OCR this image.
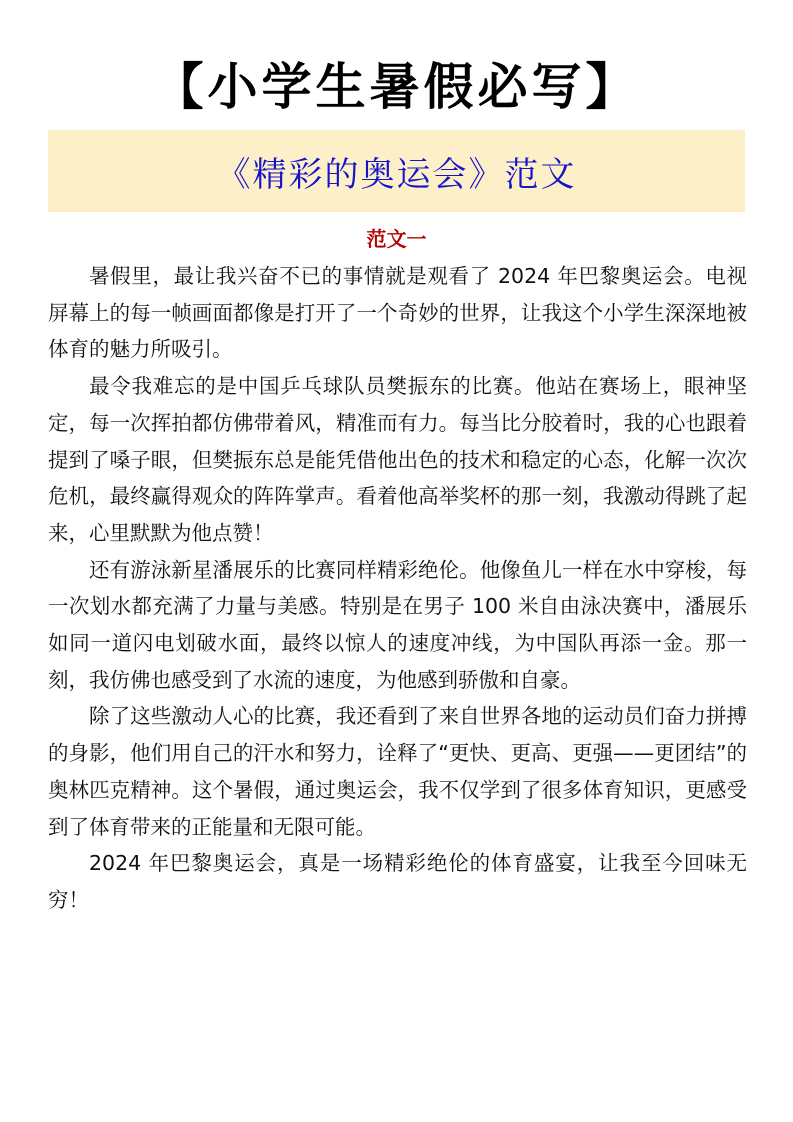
【小学生暑假必写】
《精彩的奥运会》范文
范文一

暑假里，最让我兴奋不已的事情就是观看了 2024 年巴黎奥运会。电视屏幕上的每一帧画面都像是打开了一个奇妙的世界，让我这个小学生深深地被体育的魅力所吸引。

最令我难忘的是中国乒乓球队员樊振东的比赛。他站在赛场上，眼神坚定，每一次挥拍都仿佛带着风，精准而有力。每当比分胶着时，我的心也跟着提到了嗓子眼，但樊振东总是能凭借他出色的技术和稳定的心态，化解一次次危机，最终赢得观众的阵阵掌声。看着他高举奖杯的那一刻，我激动得跳了起来，心里默默为他点赞！

还有游泳新星潘展乐的比赛同样精彩绝伦。他像鱼儿一样在水中穿梭，每一次划水都充满了力量与美感。特别是在男子 100 米自由泳决赛中，潘展乐如同一道闪电划破水面，最终以惊人的速度冲线，为中国队再添一金。那一刻，我仿佛也感受到了水流的速度，为他感到骄傲和自豪。

除了这些激动人心的比赛，我还看到了来自世界各地的运动员们奋力拼搏的身影，他们用自己的汗水和努力，诠释了“更快、更高、更强——更团结”的奥林匹克精神。这个暑假，通过奥运会，我不仅学到了很多体育知识，更感受到了体育带来的正能量和无限可能。

2024 年巴黎奥运会，真是一场精彩绝伦的体育盛宴，让我至今回味无穷！
